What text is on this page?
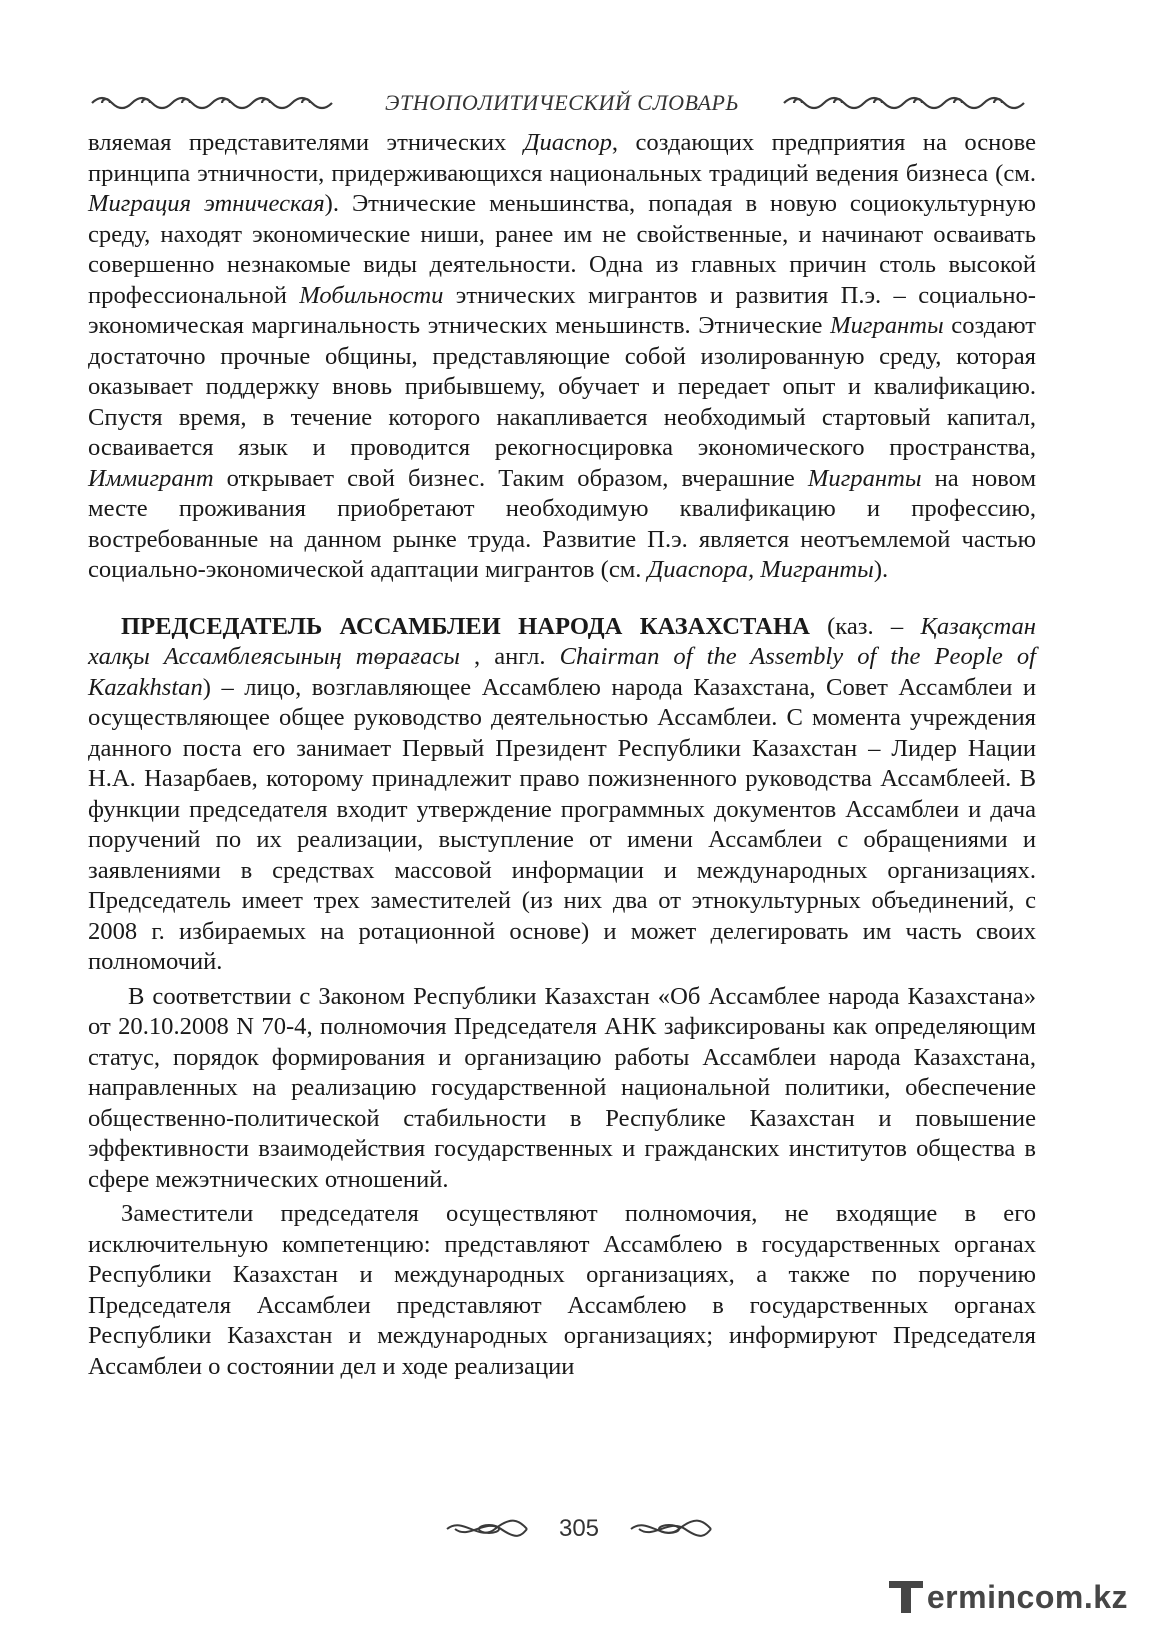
ЭТНОПОЛИТИЧЕСКИЙ СЛОВАРЬ

вляемая представителями этнических Диаспор, создающих предприятия на основе принципа этничности, придерживающихся национальных традиций ведения бизнеса (см. Миграция этническая). Этнические меньшинства, попадая в новую социокультурную среду, находят экономические ниши, ранее им не свойственные, и начинают осваивать совершенно незнакомые виды деятельности. Одна из главных причин столь высокой профессиональной Мобильности этнических мигрантов и развития П.э. – социально-экономическая маргинальность этнических меньшинств. Этнические Мигранты создают достаточно прочные общины, представляющие собой изолированную среду, которая оказывает поддержку вновь прибывшему, обучает и передает опыт и квалификацию. Спустя время, в течение которого накапливается необходимый стартовый капитал, осваивается язык и проводится рекогносцировка экономического пространства, Иммигрант открывает свой бизнес. Таким образом, вчерашние Мигранты на новом месте проживания приобретают необходимую квалификацию и профессию, востребованные на данном рынке труда. Развитие П.э. является неотъемлемой частью социально-экономической адаптации мигрантов (см. Диаспора, Мигранты).

ПРЕДСЕДАТЕЛЬ АССАМБЛЕИ НАРОДА КАЗАХСТАНА (каз. – Қазақстан халқы Ассамблеясының төрағасы , англ. Chairman of the Assembly of the People of Kazakhstan) – лицо, возглавляющее Ассамблею народа Казахстана, Совет Ассамблеи и осуществляющее общее руководство деятельностью Ассамблеи. С момента учреждения данного поста его занимает Первый Президент Республики Казахстан – Лидер Нации Н.А. Назарбаев, которому принадлежит право пожизненного руководства Ассамблеей. В функции председателя входит утверждение программных документов Ассамблеи и дача поручений по их реализации, выступление от имени Ассамблеи с обращениями и заявлениями в средствах массовой информации и международных организациях. Председатель имеет трех заместителей (из них два от этнокультурных объединений, с 2008 г. избираемых на ротационной основе) и может делегировать им часть своих полномочий.

В соответствии с Законом Республики Казахстан «Об Ассамблее народа Казахстана» от 20.10.2008 N 70-4, полномочия Председателя АНК зафиксированы как определяющим статус, порядок формирования и организацию работы Ассамблеи народа Казахстана, направленных на реализацию государственной национальной политики, обеспечение общественно-политической стабильности в Республике Казахстан и повышение эффективности взаимодействия государственных и гражданских институтов общества в сфере межэтнических отношений.

Заместители председателя осуществляют полномочия, не входящие в его исключительную компетенцию: представляют Ассамблею в государственных органах Республики Казахстан и международных организациях, а также по поручению Председателя Ассамблеи представляют Ассамблею в государственных органах Республики Казахстан и международных организациях; информируют Председателя Ассамблеи о состоянии дел и ходе реализации

305
ermincom.kz
